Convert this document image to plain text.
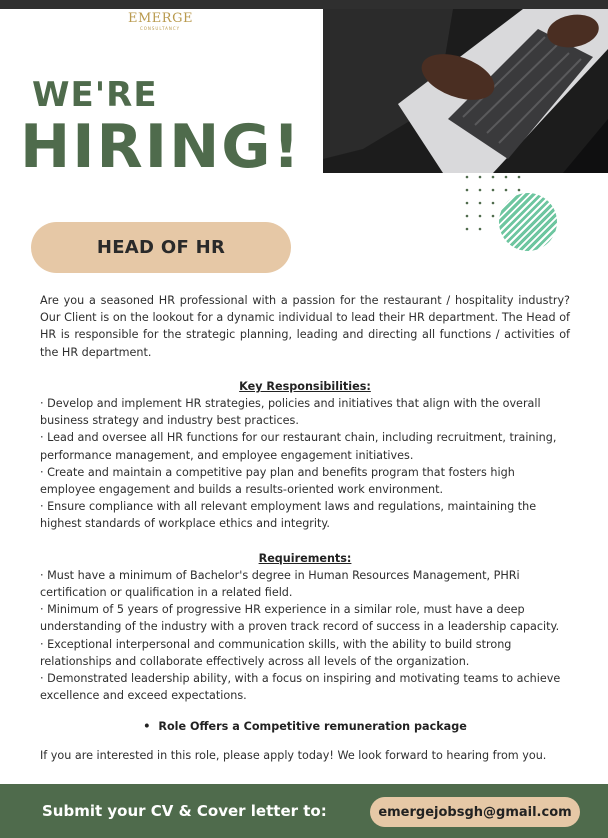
EMERGE
CONSULTANCY
WE'RE
HIRING!
HEAD OF HR

Are you a seasoned HR professional with a passion for the restaurant / hospitality industry? Our Client is on the lookout for a dynamic individual to lead their HR department. The Head of HR is responsible for the strategic planning, leading and directing all functions / activities of the HR department.

Key Responsibilities:

· Develop and implement HR strategies, policies and initiatives that align with the overall business strategy and industry best practices.

· Lead and oversee all HR functions for our restaurant chain, including recruitment, training, performance management, and employee engagement initiatives.

· Create and maintain a competitive pay plan and benefits program that fosters high employee engagement and builds a results-oriented work environment.

· Ensure compliance with all relevant employment laws and regulations, maintaining the highest standards of workplace ethics and integrity.

Requirements:

· Must have a minimum of Bachelor's degree in Human Resources Management, PHRi certification or qualification in a related field.

· Minimum of 5 years of progressive HR experience in a similar role, must have a deep understanding of the industry with a proven track record of success in a leadership capacity.

· Exceptional interpersonal and communication skills, with the ability to build strong relationships and collaborate effectively across all levels of the organization.

· Demonstrated leadership ability, with a focus on inspiring and motivating teams to achieve excellence and exceed expectations.

• Role Offers a Competitive remuneration package

If you are interested in this role, please apply today! We look forward to hearing from you.

Submit your CV & Cover letter to:	emergejobsgh@gmail.com
